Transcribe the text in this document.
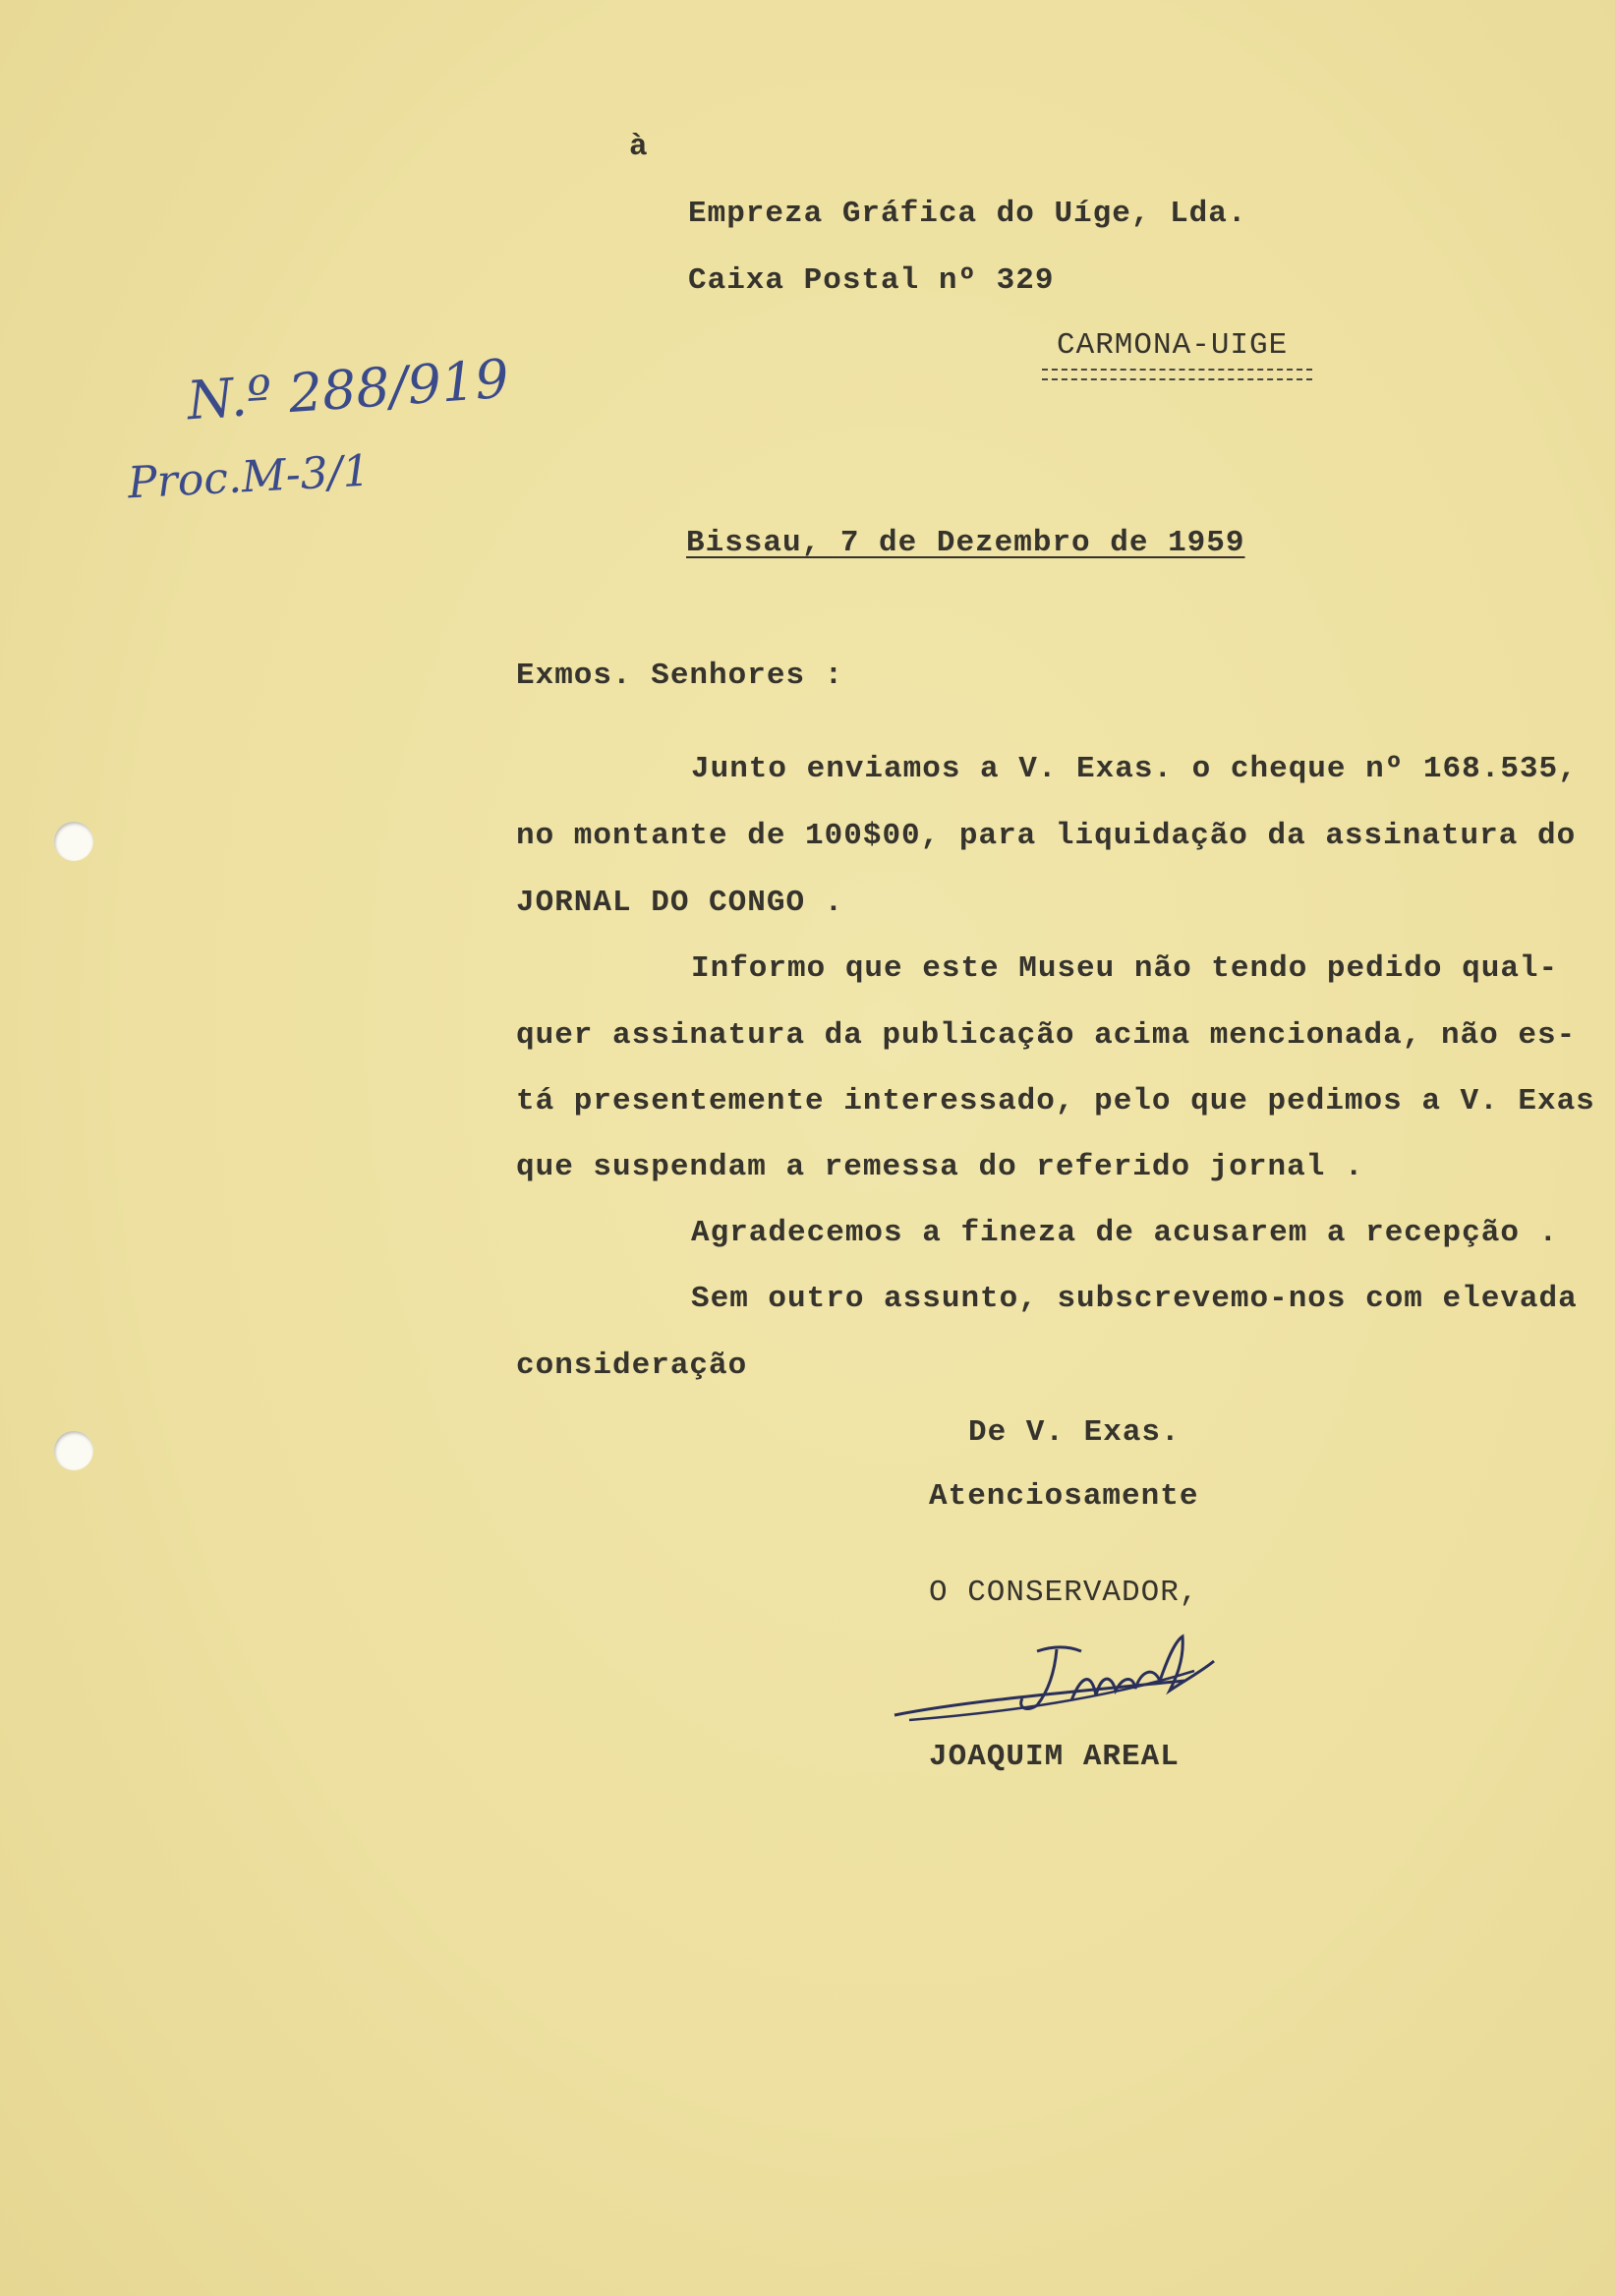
à
Empreza Gráfica do Uíge, Lda.
Caixa Postal nº 329
CARMONA-UIGE
N.º 288/919
Proc.M-3/1
Bissau, 7 de Dezembro de 1959
Exmos. Senhores :
Junto enviamos a V. Exas. o cheque nº 168.535,
no montante de 100$00, para liquidação da assinatura do
JORNAL DO CONGO .
Informo que este Museu não tendo pedido qual-
quer assinatura da publicação acima mencionada, não es-
tá presentemente interessado, pelo que pedimos a V. Exas
que suspendam a remessa do referido jornal .
Agradecemos a fineza de acusarem a recepção .
Sem outro assunto, subscrevemo-nos com elevada
consideração
De V. Exas.
Atenciosamente
O CONSERVADOR,
JOAQUIM AREAL
